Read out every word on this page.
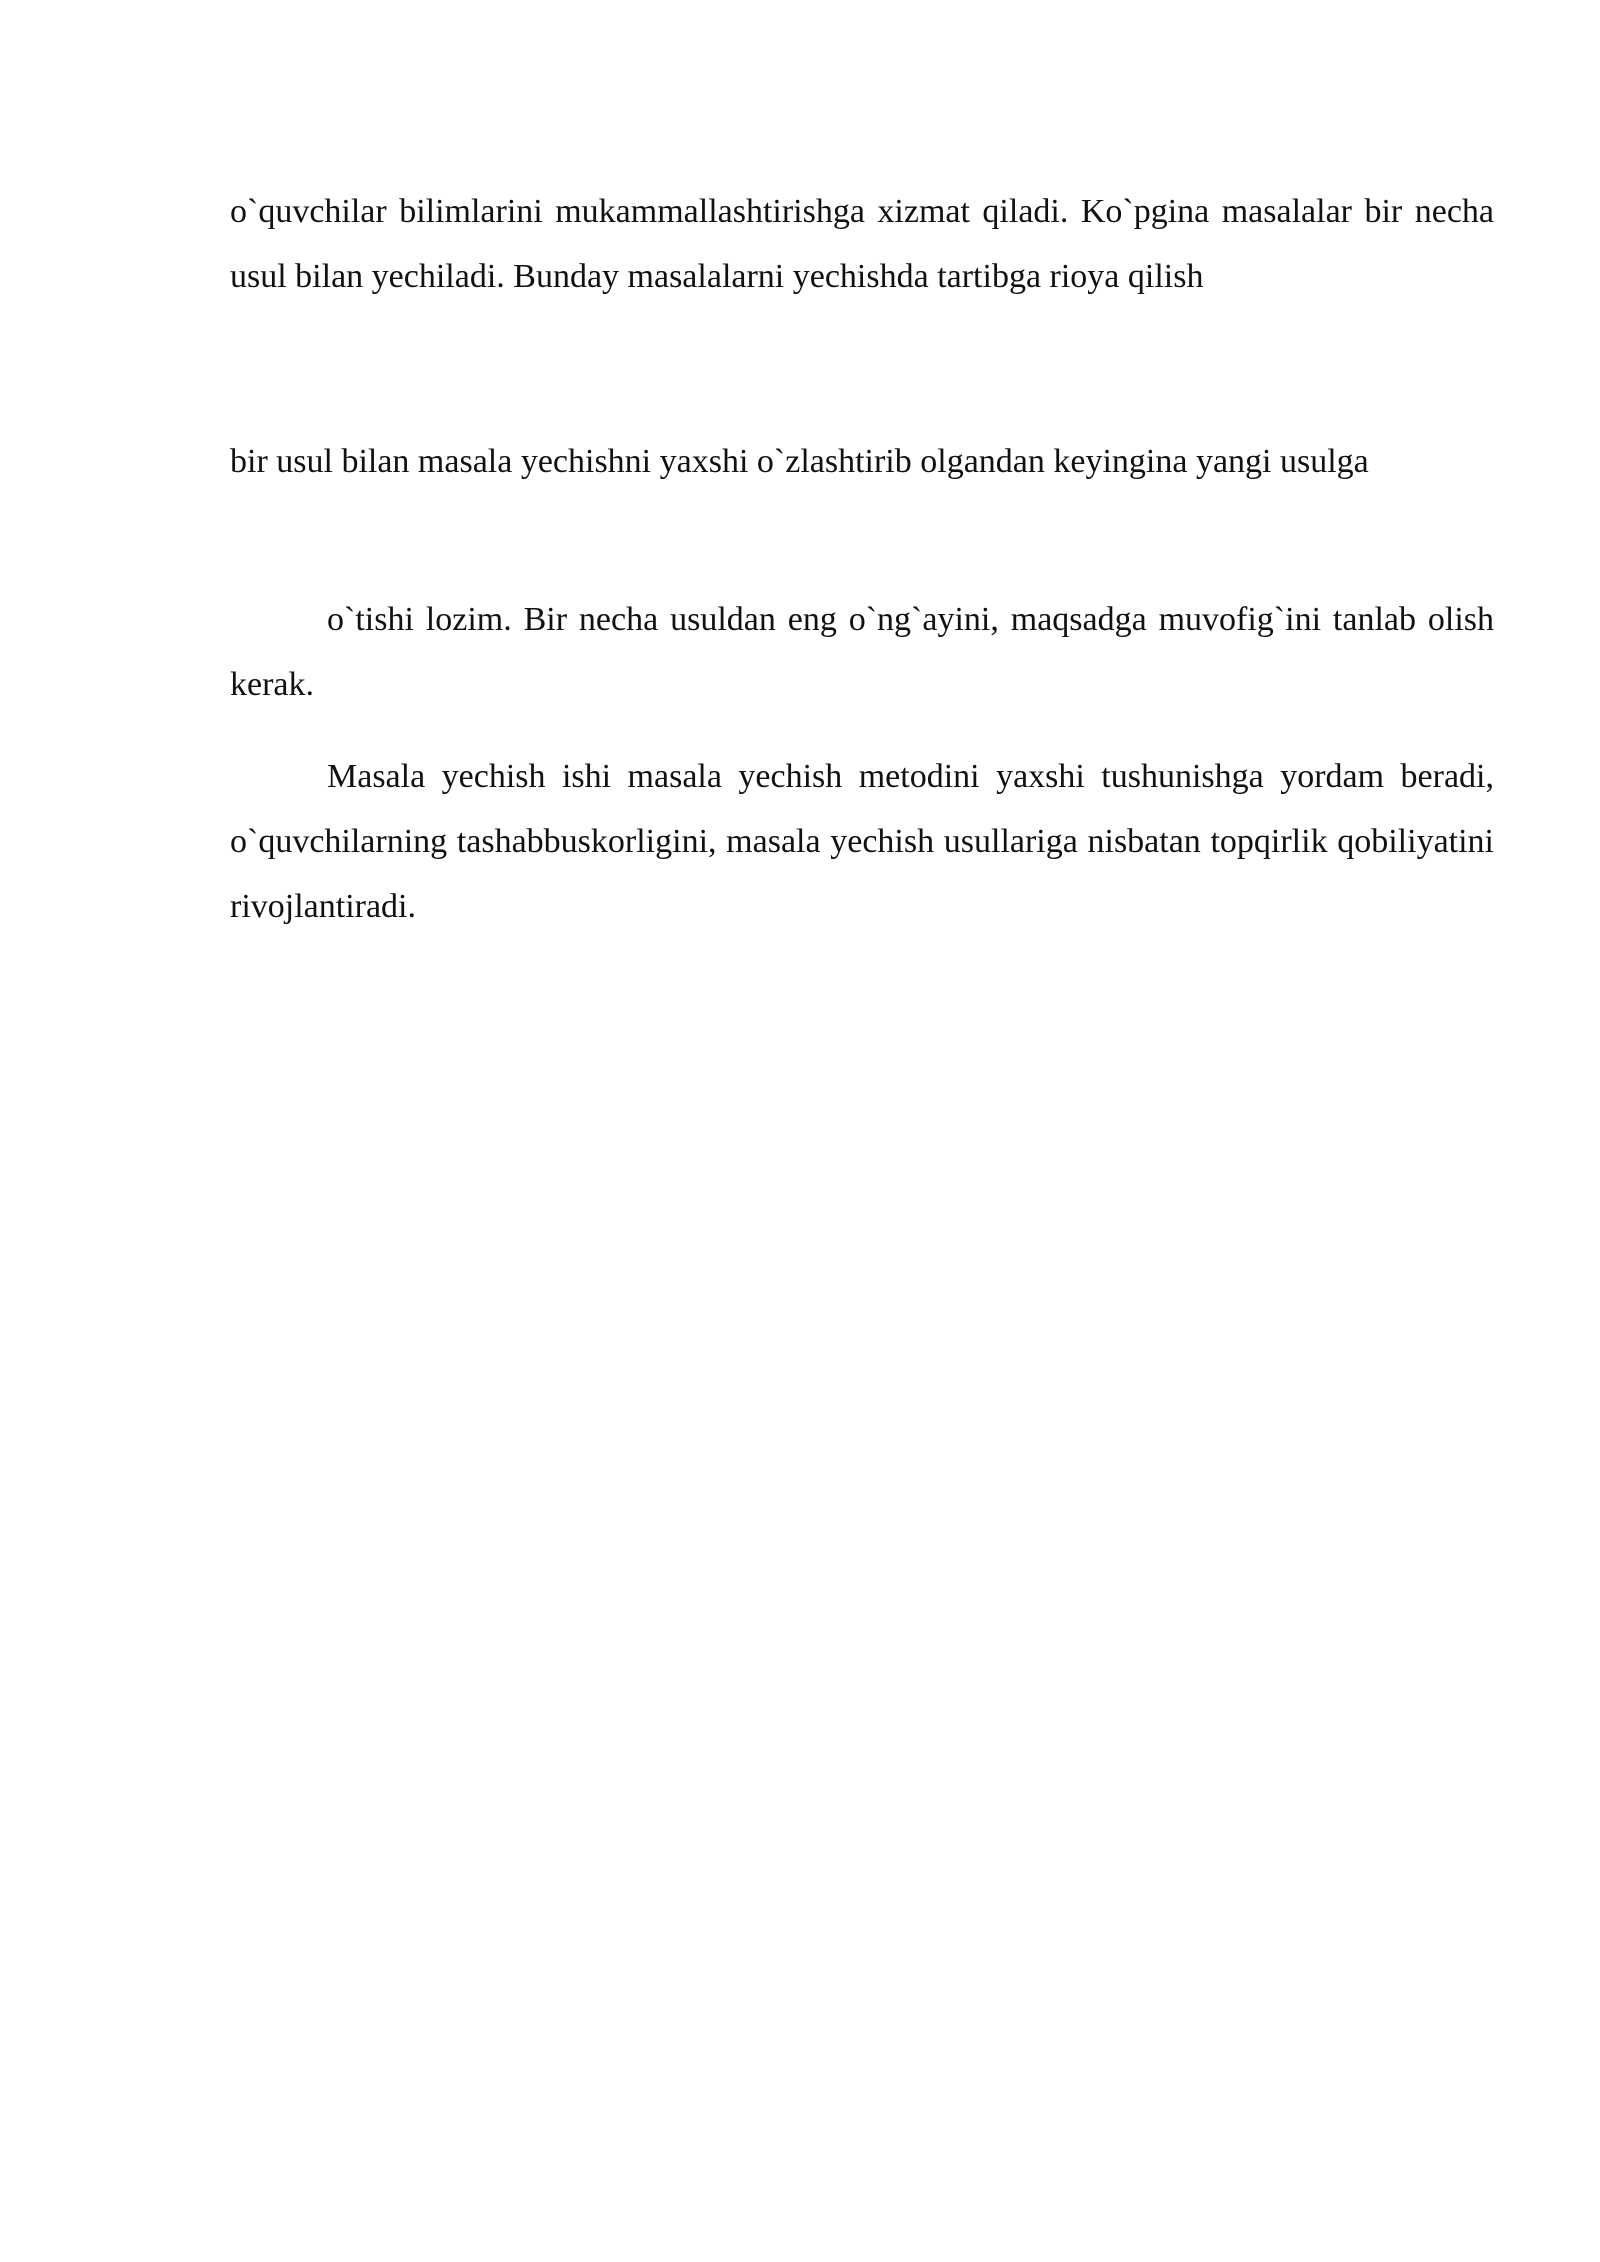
o`quvchilar bilimlarini mukammallashtirishga xizmat qiladi. Ko`pgina masalalar bir necha usul bilan yechiladi. Bunday masalalarni yechishda tartibga rioya qilish

bir usul bilan masala yechishni yaxshi o`zlashtirib olgandan keyingina yangi usulga

o`tishi lozim. Bir necha usuldan eng o`ng`ayini, maqsadga muvofig`ini tanlab olish kerak.

Masala yechish ishi masala yechish metodini yaxshi tushunishga yordam beradi, o`quvchilarning tashabbuskorligini, masala yechish usullariga nisbatan topqirlik qobiliyatini rivojlantiradi.
